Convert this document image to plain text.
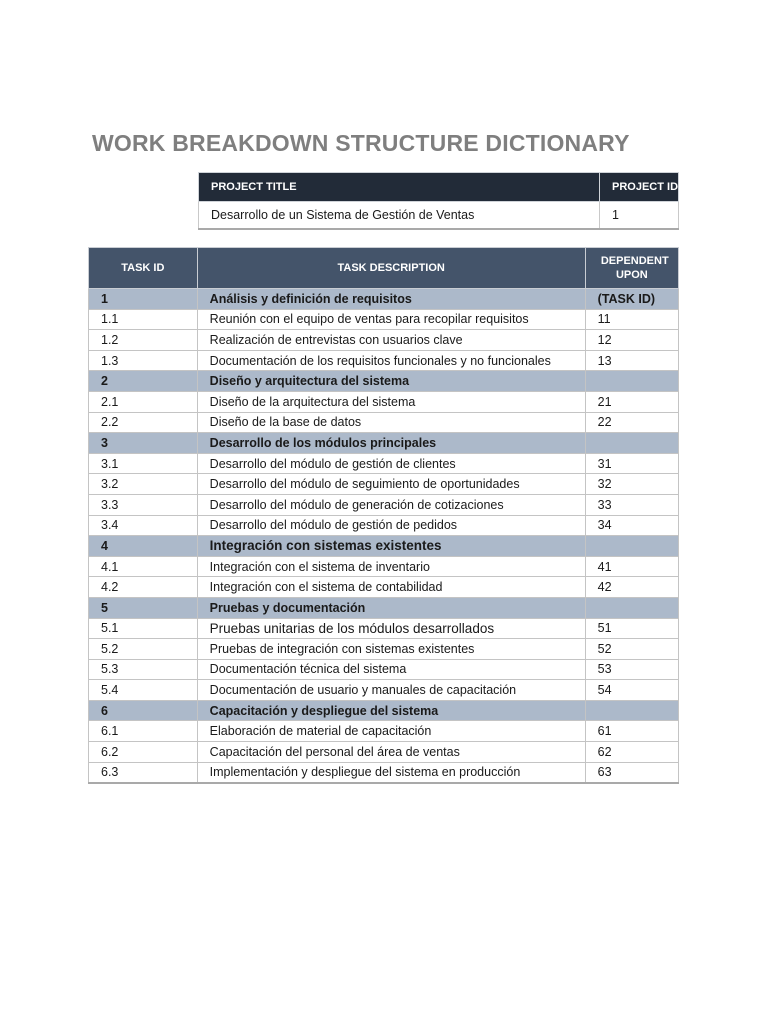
WORK BREAKDOWN STRUCTURE DICTIONARY
PROJECT TITLE	PROJECT ID
Desarrollo de un Sistema de Gestión de Ventas	1
TASK ID	TASK DESCRIPTION	DEPENDENT UPON

1	Análisis y definición de requisitos	(TASK ID)
1.1	Reunión con el equipo de ventas para recopilar requisitos	11
1.2	Realización de entrevistas con usuarios clave	12
1.3	Documentación de los requisitos funcionales y no funcionales	13
2	Diseño y arquitectura del sistema	
2.1	Diseño de la arquitectura del sistema	21
2.2	Diseño de la base de datos	22
3	Desarrollo de los módulos principales	
3.1	Desarrollo del módulo de gestión de clientes	31
3.2	Desarrollo del módulo de seguimiento de oportunidades	32
3.3	Desarrollo del módulo de generación de cotizaciones	33
3.4	Desarrollo del módulo de gestión de pedidos	34
4	Integración con sistemas existentes	
4.1	Integración con el sistema de inventario	41
4.2	Integración con el sistema de contabilidad	42
5	Pruebas y documentación	
5.1	Pruebas unitarias de los módulos desarrollados	51
5.2	Pruebas de integración con sistemas existentes	52
5.3	Documentación técnica del sistema	53
5.4	Documentación de usuario y manuales de capacitación	54
6	Capacitación y despliegue del sistema	
6.1	Elaboración de material de capacitación	61
6.2	Capacitación del personal del área de ventas	62
6.3	Implementación y despliegue del sistema en producción	63
